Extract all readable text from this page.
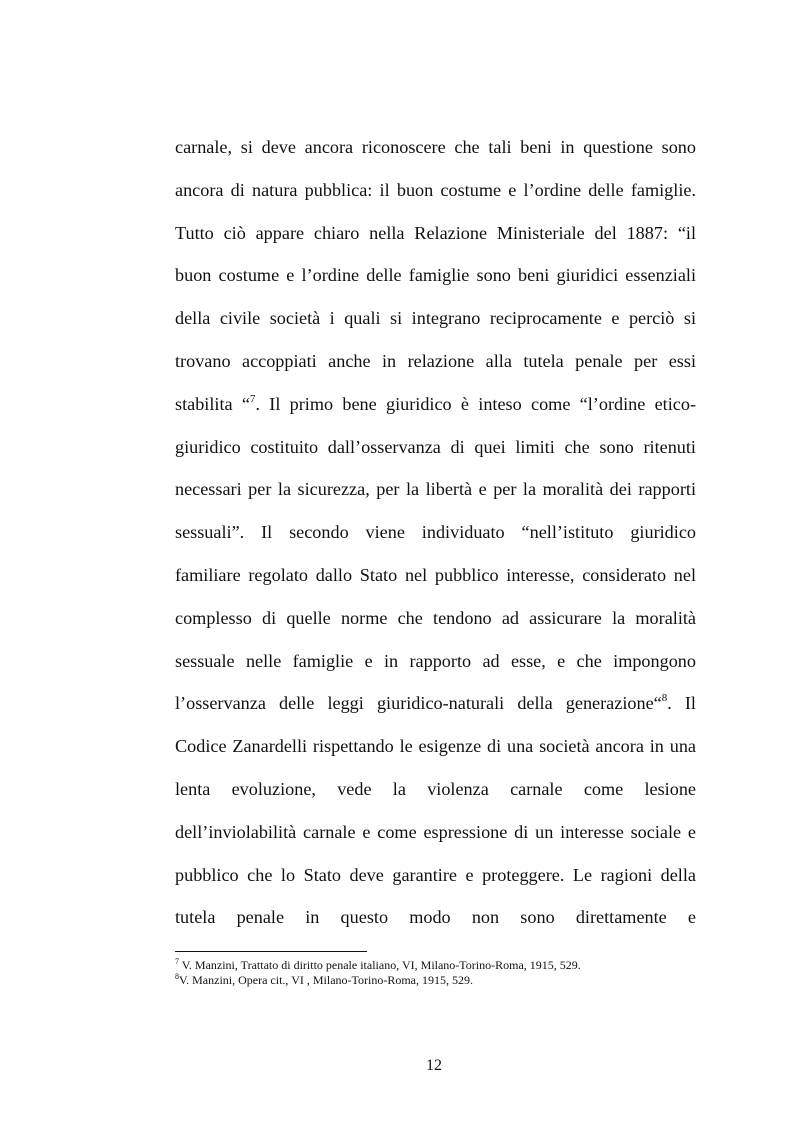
carnale, si deve ancora riconoscere che tali beni in questione sono
ancora di natura pubblica: il buon costume e l’ordine delle famiglie.
Tutto ciò appare chiaro nella Relazione Ministeriale del 1887: “il
buon costume e l’ordine delle famiglie sono beni giuridici essenziali
della civile società i quali si integrano reciprocamente e perciò si
trovano accoppiati anche in relazione alla tutela penale per essi
stabilita “$^7$. Il primo bene giuridico è inteso come “l’ordine etico-
giuridico costituito dall’osservanza di quei limiti che sono ritenuti
necessari per la sicurezza, per la libertà e per la moralità dei rapporti
sessuali”. Il secondo viene individuato “nell’istituto giuridico
familiare regolato dallo Stato nel pubblico interesse, considerato nel
complesso di quelle norme che tendono ad assicurare la moralità
sessuale nelle famiglie e in rapporto ad esse, e che impongono
l’osservanza delle leggi giuridico-naturali della generazione“$^8$. Il
Codice Zanardelli rispettando le esigenze di una società ancora in una
lenta evoluzione, vede la violenza carnale come lesione
dell’inviolabilità carnale e come espressione di un interesse sociale e
pubblico che lo Stato deve garantire e proteggere. Le ragioni della
tutela penale in questo modo non sono direttamente e
$^7$ V. Manzini, Trattato di diritto penale italiano, VI, Milano-Torino-Roma, 1915, 529.
$^8$V. Manzini, Opera cit., VI , Milano-Torino-Roma, 1915, 529.
12
